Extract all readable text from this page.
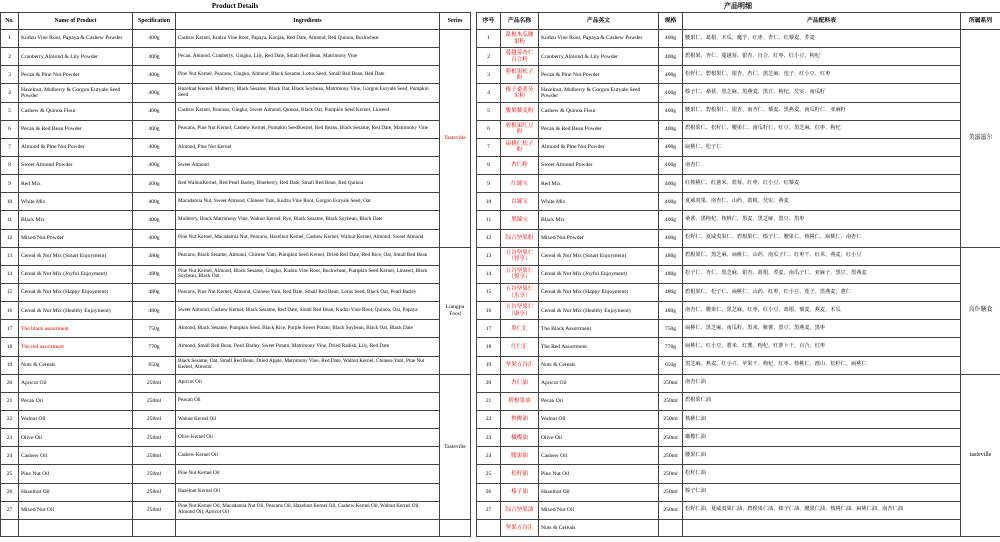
Product Details	产品明细
No.	Name of Product	Specification	Ingredients	Series
1	Kudzu Vine Root, Papaya & Cashew Powder	400g	Cashew Kernel, Kudzu Vine Root, Papaya, Konjak, Red Date, Almond, Red Quinoa, Buckwheat	Tasteville
2	Cranberry,Almond & Lily Powder	400g	Pecan, Almond, Cranberry, Gingko, Lily, Red Date, Small Red Bean, Matrimony Vine	
3	Pecan & Pine Nut Powder	400g	Pine Nut Kernel, Peacans, Gingko, Almond, Black Sesame, Lotus Seed, Small Red Bean, Red Date	
4	Hazelnut, Mulberry & Gorgon Euryale Seed Powder	400g	Hazelnut Kernel, Mulberry, Black Sesame, Black Oat, Black Soybean, Matrimony Vine, Gorgon Euryale Seed, Pumpkin Seed	
5	Cashew & Quinoa Flour	400g	Cashew Kernel, Peacans, Gingko, Sweet Almond, Quinoa, Black Oat, Pumpkin Seed Kernel, Linseed	
6	Pecan & Red Bean Powder	400g	Peacans, Pine Nut Kernel, Cashew Kernel, Pumpkin SeedKernel, Red Beans, Black Sesame, Red Date, Matrimony Vine	
7	Almond & Pine Nut Powder	400g	Almond, Pine Nut Kernel	
8	Sweet Almond Powder	400g	Sweet Almond	
9	Red Mix	400g	Red WalnutKernel, Red Pearl Barley, Blueberry, Red Date, Small Red Bean, Red Quinoa	
10	White Mix	400g	Macadamia Nut, Sweet Almond, Chinese Yam, Kudzu Vine Root, Gorgon Euryale Seed, Oat	
11	Black Mix	400g	Mulberry, Black Matrimony Vine, Walnut Kernel, Rye, Black Sesame, Black Soybean, Black Date	
12	Mixed Nut Powder	400g	Pine Nut Kernel, Macadamia Nut, Peacans, Hazelnut Kernel, Cashew Kernel, Walnut Kernel, Almond, Sweet Almond	
13	Cereal & Nut Mix (Smart Enjoyment)	480g	Peacans, Black Sesame, Almond, Chinese Yam, Pumpkin Seed Kernel, Dried Red Date, Red Rice, Oat, Small Red Bean	Liangpu Food
14	Cereal & Nut Mix (Joyful Enjoyment)	480g	Pine Nut Kernel, Almond, Black Sesame, Gingko, Kudzu Vine Root, Buckwheat, Pumpkin Seed Kernel, Linseed, Black Soybean, Black Oat	
15	Cereal & Nut Mix (Happy Enjoyment)	480g	Peacans, Pine Nut Kernel, Almond, Chinese Yam, Red Date, Small Red Bean, Lotus Seed, Black Oat, Pearl Barley	
16	Cereal & Nut Mix (Healthy Enjoyment)	480g	Sweet Almond, Cashew Kernel, Black Sesame, Red Date, Small Red Bean, Kudzu Vine Root, Quinoa, Oat, Papaya	
17	The black assortment	750g	Almond, Black Sesame, Pumpkin Seed, Black Rice, Purple Sweet Potato, Black Soybean, Black Oat, Black Date	
18	The red assortment	770g	Almond, Small Red Bean, Pearl Barley, Sweet Potato, Matrimony Vine, Dried Radish, Lily, Red Date	
19	Nuts & Cereals	650g	Black Sesame, Oat, Small Red Bean, Dried Apple, Matrimony Vine, Red Date, Walnut Kernel, Chinese Yam, Pine Nut Kernel, Almond	
20	Apricot Oil	250ml	Apricot Oil	Tasteville
21	Pecan Oil	250ml	Peacan Oil	
22	Walnut Oil	250ml	Walnut Kernel Oil	
23	Olive Oil	250ml	Olive Kernel Oil	
24	Cashew Oil	250ml	Cashew Kernel Oil	
25	Pine Nut Oil	250ml	Pine Nut Kernel Oil	
26	Hazelnut Oil	250ml	Hazelnut Kernel Oil	
27	Mixed Nut Oil	250ml	Pine Nut Kernel Oil, Macadamia Nut Oil, Peacans Oil, Hazelnut Kernel Oil, Cashew Kernel Oil, Walnut Kernel Oil, Almond Oil, Apricot Oil	

序号	产品名称	产品英文	规格	产品配料表	所属系列
1	葛根木瓜腰果粉	Kudzu Vine Root, Papaya & Cashew Powder	400g	腰果仁、葛根、木瓜、魔芋、红枣、杏仁、红藜麦、荞麦	美滋滋尔
2	蔓越莓杏仁百合粉	Cranberry,Almond & Lily Powder	400g	碧根果、杏仁、蔓越莓、银杏、百合、红枣、红小豆、枸杞	
3	碧根果松子粉	Pecan & Pine Nut Powder	400g	松籽仁、碧根果仁、银杏、杏仁、黑芝麻、莲子、红小豆、红枣	
4	榛子桑葚芡实粉	Hazelnut, Mulberry & Gorgon Euryale Seed Powder	400g	榛子仁、桑葚、黑芝麻、黑燕麦、黑豆、枸杞、芡实、南瓜籽	
5	腰果藜麦粉	Cashew & Quinoa Flour	400g	腰果仁、碧根果仁、银杏、南杏仁、藜麦、黑燕麦、南瓜籽仁、亚麻籽	
6	碧根果红豆粉	Pecan & Red Bean Powder	400g	碧根果仁、松籽仁、腰果仁、南瓜籽仁、红豆、黑芝麻、红枣、枸杞	
7	扁桃仁松子粉	Almond & Pine Nut Powder	400g	扁桃仁、松子仁	
8	杏仁粉	Sweet Almond Powder	400g	南杏仁	
9	红臻宝	Red Mix	400g	红核桃仁、红薏米、蓝莓、红枣、红小豆、红藜麦	
10	白臻宝	White Mix	400g	夏威夷果、南杏仁、山药、葛根、芡实、燕麦	
11	黑臻宝	Black Mix	400g	桑葚、黑枸杞、核桃仁、黑麦、黑芝麻、黑豆、黑枣	
12	综合坚果粉	Mixed Nut Powder	400g	松籽仁、夏威夷果仁、碧根果仁、榛子仁、腰果仁、核桃仁、扁桃仁、南杏仁	
13	五谷坚果仁（智享）	Cereal & Nut Mix (Smart Enjoyment)	480g	碧根果仁、黑芝麻、扁桃仁、山药、南瓜子仁、红枣干、红米、燕麦、红小豆	良仆膳食
14	五谷坚果仁（悦享）	Cereal & Nut Mix (Joyful Enjoyment)	480g	松子仁、杏仁、黑芝麻、银杏、葛根、荞麦、南瓜子仁、亚麻子、黑豆、黑燕麦	
15	五谷坚果仁（乐享）	Cereal & Nut Mix (Happy Enjoyment)	480g	碧根果仁、松子仁、扁桃仁、山药、红枣、红小豆、莲子、黑燕麦、薏仁	
16	五谷坚果仁（康享）	Cereal & Nut Mix (Healthy Enjoyment)	480g	南杏仁、腰果仁、黑芝麻、红枣、红小豆、葛根、藜麦、燕麦、木瓜	
17	黑仁汇	The Black Assortment	750g	扁桃仁、黑芝麻、南瓜籽、黑米、紫薯、黑豆、黑燕麦、黑枣	
18	红仁汇	The Red Assortment	770g	扁桃仁、红小豆、薏米、红薯、枸杞、红萝卜干、百合、红枣	
19	坚果五谷汇	Nuts & Cereals	650g	黑芝麻、燕麦、红小豆、苹果干、枸杞、红枣、核桃仁、淮山、松籽仁、扁桃仁	
20	杏仁油	Apricot Oil	250ml	南杏仁油	tasteville
21	碧根果油	Pecan Oil	250ml	碧根果仁油	
22	核桃油	Walnut Oil	250ml	核桃仁油	
23	橄榄油	Olive Oil	250ml	橄榄仁油	
24	腰果油	Cashew Oil	250ml	腰果仁油	
25	松籽油	Pine Nut Oil	250ml	松籽仁油	
26	榛子油	Hazelnut Oil	250ml	榛子仁油	
27	综合坚果油	Mixed Nut Oil	250ml	松籽仁油、夏威夷果仁油、碧根果仁油、榛子仁油、腰果仁油、核桃仁油、扁桃仁油、南杏仁油	
	坚果五谷汇	Nuts & Cereals			
